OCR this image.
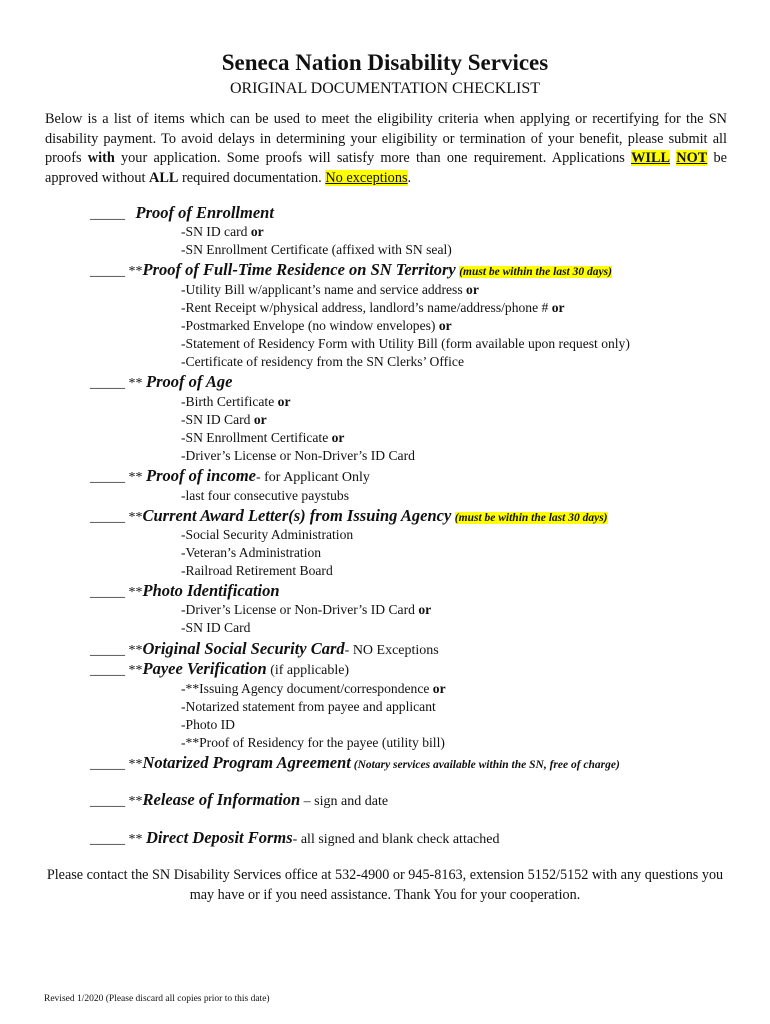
Seneca Nation Disability Services
ORIGINAL DOCUMENTATION CHECKLIST
Below is a list of items which can be used to meet the eligibility criteria when applying or recertifying for the SN disability payment. To avoid delays in determining your eligibility or termination of your benefit, please submit all proofs with your application. Some proofs will satisfy more than one requirement. Applications WILL NOT be approved without ALL required documentation. No exceptions.
_____ Proof of Enrollment
-SN ID card or
-SN Enrollment Certificate (affixed with SN seal)
_____ **Proof of Full-Time Residence on SN Territory (must be within the last 30 days)
-Utility Bill w/applicant’s name and service address or
-Rent Receipt w/physical address, landlord’s name/address/phone # or
-Postmarked Envelope (no window envelopes) or
-Statement of Residency Form with Utility Bill (form available upon request only)
-Certificate of residency from the SN Clerks’ Office
_____ ** Proof of Age
-Birth Certificate or
-SN ID Card or
-SN Enrollment Certificate or
-Driver’s License or Non-Driver’s ID Card
_____ ** Proof of income- for Applicant Only
-last four consecutive paystubs
_____ **Current Award Letter(s) from Issuing Agency (must be within the last 30 days)
-Social Security Administration
-Veteran’s Administration
-Railroad Retirement Board
_____ **Photo Identification
-Driver’s License or Non-Driver’s ID Card or
-SN ID Card
_____ **Original Social Security Card- NO Exceptions
_____ **Payee Verification (if applicable)
-**Issuing Agency document/correspondence or
-Notarized statement from payee and applicant
-Photo ID
-**Proof of Residency for the payee (utility bill)
_____ **Notarized Program Agreement (Notary services available within the SN, free of charge)
_____ **Release of Information – sign and date
_____ ** Direct Deposit Forms- all signed and blank check attached
Please contact the SN Disability Services office at 532-4900 or 945-8163, extension 5152/5152 with any questions you may have or if you need assistance. Thank You for your cooperation.
Revised 1/2020 (Please discard all copies prior to this date)
